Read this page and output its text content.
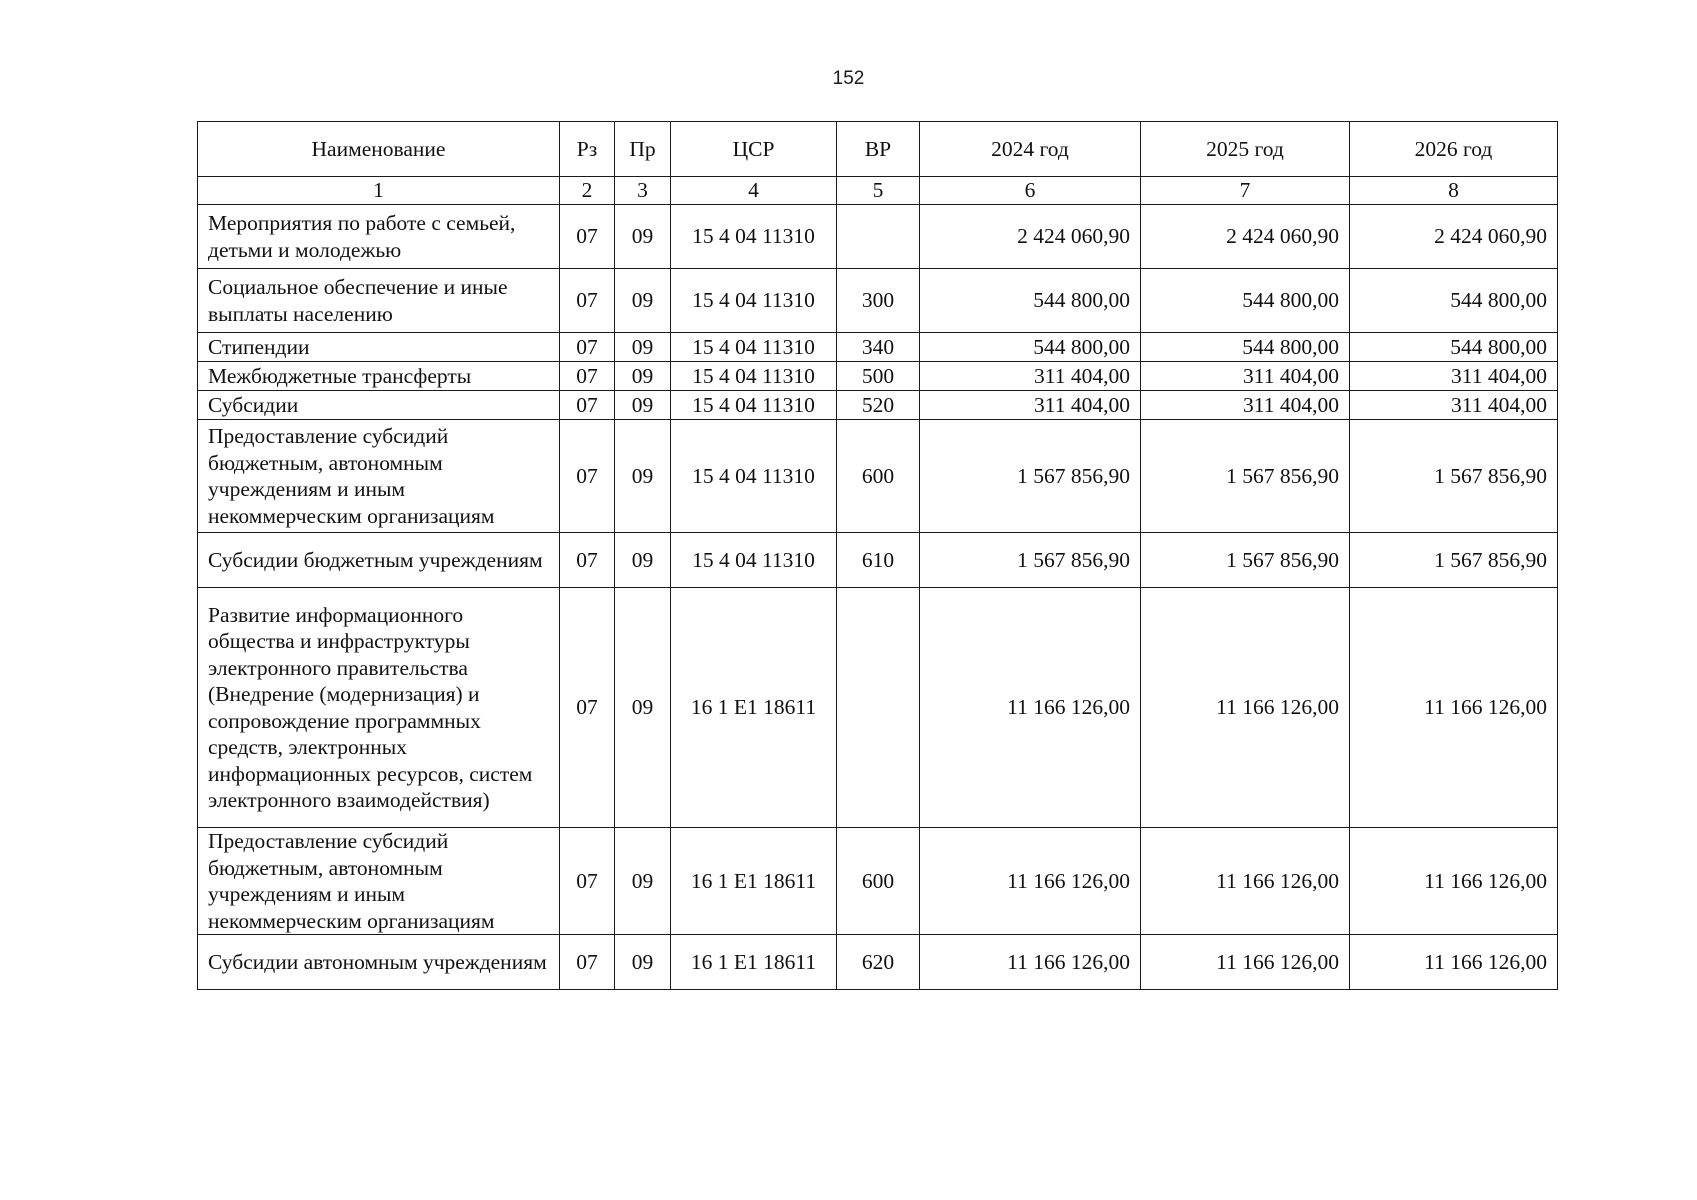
152
Наименование	Рз	Пр	ЦСР	ВР	2024 год	2025 год	2026 год
1	2	3	4	5	6	7	8
Мероприятия по работе с семьей, детьми и молодежью	07	09	15 4 04 11310		2 424 060,90	2 424 060,90	2 424 060,90
Социальное обеспечение и иные выплаты населению	07	09	15 4 04 11310	300	544 800,00	544 800,00	544 800,00
Стипендии	07	09	15 4 04 11310	340	544 800,00	544 800,00	544 800,00
Межбюджетные трансферты	07	09	15 4 04 11310	500	311 404,00	311 404,00	311 404,00
Субсидии	07	09	15 4 04 11310	520	311 404,00	311 404,00	311 404,00
Предоставление субсидий бюджетным, автономным учреждениям и иным некоммерческим организациям	07	09	15 4 04 11310	600	1 567 856,90	1 567 856,90	1 567 856,90
Субсидии бюджетным учреждениям	07	09	15 4 04 11310	610	1 567 856,90	1 567 856,90	1 567 856,90
Развитие информационного общества и инфраструктуры электронного правительства (Внедрение (модернизация) и сопровождение программных средств, электронных информационных ресурсов, систем электронного взаимодействия)	07	09	16 1 E1 18611		11 166 126,00	11 166 126,00	11 166 126,00
Предоставление субсидий бюджетным, автономным учреждениям и иным некоммерческим организациям	07	09	16 1 E1 18611	600	11 166 126,00	11 166 126,00	11 166 126,00
Субсидии автономным учреждениям	07	09	16 1 E1 18611	620	11 166 126,00	11 166 126,00	11 166 126,00
